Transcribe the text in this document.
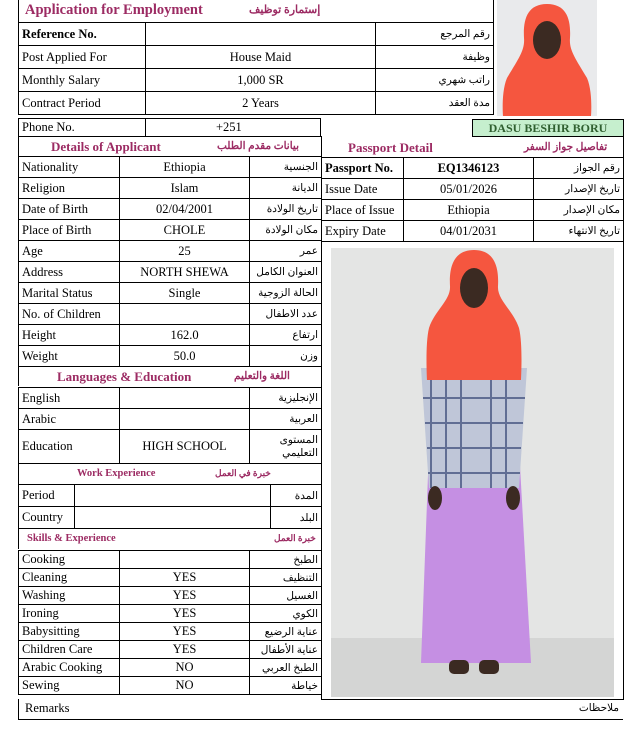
Application for Employment	إستمارة توظيف
Reference No.		رقم المرجع
Post Applied For	House Maid	وظيفة
Monthly Salary	1,000 SR	راتب شهري
Contract Period	2 Years	مدة العقد
Phone No.	+251	DASU BESHIR BORU
Details of Applicant	بيانات مقدم الطلب
Nationality	Ethiopia	الجنسية
Religion	Islam	الديانة
Date of Birth	02/04/2001	تاريخ الولادة
Place of Birth	CHOLE	مكان الولادة
Age	25	عمر
Address	NORTH SHEWA	العنوان الكامل
Marital Status	Single	الحالة الزوجية
No. of Children		عدد الاطفال
Height	162.0	ارتفاع
Weight	50.0	وزن
Languages & Education	اللغة والتعليم
English		الإنجليزية
Arabic		العربية
Education	HIGH SCHOOL	المستوى التعليمي
Work Experience	خبرة في العمل
Period		المدة
Country		البلد
Skills & Experience	خبرة العمل
Cooking		الطبخ
Cleaning	YES	التنظيف
Washing	YES	الغسيل
Ironing	YES	الكوي
Babysitting	YES	عناية الرضيع
Children Care	YES	عناية الأطفال
Arabic Cooking	NO	الطبخ العربي
Sewing	NO	خياطة
Passport Detail	تفاصيل جواز السفر
Passport No.	EQ1346123	رقم الجواز
Issue Date	05/01/2026	تاريخ الإصدار
Place of Issue	Ethiopia	مكان الإصدار
Expiry Date	04/01/2031	تاريخ الانتهاء
Remarks	ملاحظات
